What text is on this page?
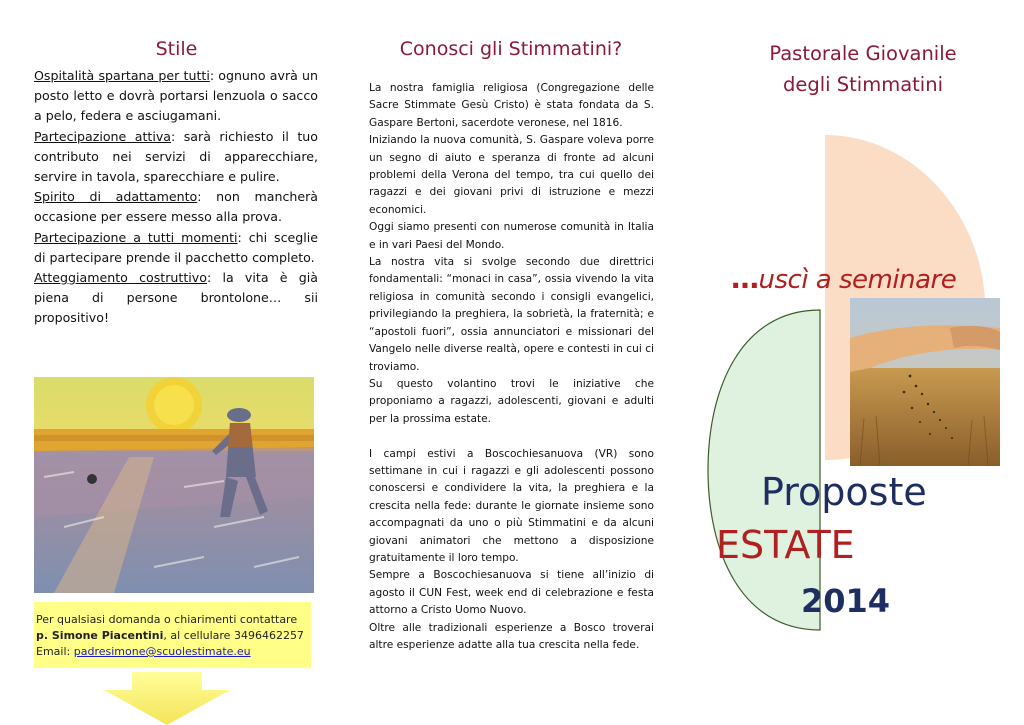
Stile

Ospitalità spartana per tutti: ognuno avrà un posto letto e dovrà portarsi lenzuola o sacco a pelo, federa e asciugamani.

Partecipazione attiva: sarà richiesto il tuo contributo nei servizi di apparecchiare, servire in tavola, sparecchiare e pulire.

Spirito di adattamento: non mancherà occasione per essere messo alla prova.

Partecipazione a tutti momenti: chi sceglie di partecipare prende il pacchetto completo.

Atteggiamento costruttivo: la vita è già piena di persone brontolone… sii propositivo!

Per qualsiasi domanda o chiarimenti contattare

p. Simone Piacentini, al cellulare 3496462257

Email: padresimone@scuolestimate.eu

Conosci gli Stimmatini?

La nostra famiglia religiosa (Congregazione delle Sacre Stimmate Gesù Cristo) è stata fondata da S. Gaspare Bertoni, sacerdote veronese, nel 1816.

Iniziando la nuova comunità, S. Gaspare voleva porre un segno di aiuto e speranza di fronte ad alcuni problemi della Verona del tempo, tra cui quello dei ragazzi e dei giovani privi di istruzione e mezzi economici.

Oggi siamo presenti con numerose comunità in Italia e in vari Paesi del Mondo.

La nostra vita si svolge secondo due direttrici fondamentali: “monaci in casa”, ossia vivendo la vita religiosa in comunità secondo i consigli evangelici, privilegiando la preghiera, la sobrietà, la fraternità; e “apostoli fuori”, ossia annunciatori e missionari del Vangelo nelle diverse realtà, opere e contesti in cui ci troviamo.

Su questo volantino trovi le iniziative che proponiamo a ragazzi, adolescenti, giovani e adulti per la prossima estate.

I campi estivi a Boscochiesanuova (VR) sono settimane in cui i ragazzi e gli adolescenti possono conoscersi e condividere la vita, la preghiera e la crescita nella fede: durante le giornate insieme sono accompagnati da uno o più Stimmatini e da alcuni giovani animatori che mettono a disposizione gratuitamente il loro tempo.

Sempre a Boscochiesanuova si tiene all’inizio di agosto il CUN Fest, week end di celebrazione e festa attorno a Cristo Uomo Nuovo.

Oltre alle tradizionali esperienze a Bosco troverai altre esperienze adatte alla tua crescita nella fede.

Pastorale Giovanile
degli Stimmatini
…uscì a seminare
Proposte
ESTATE
2014
